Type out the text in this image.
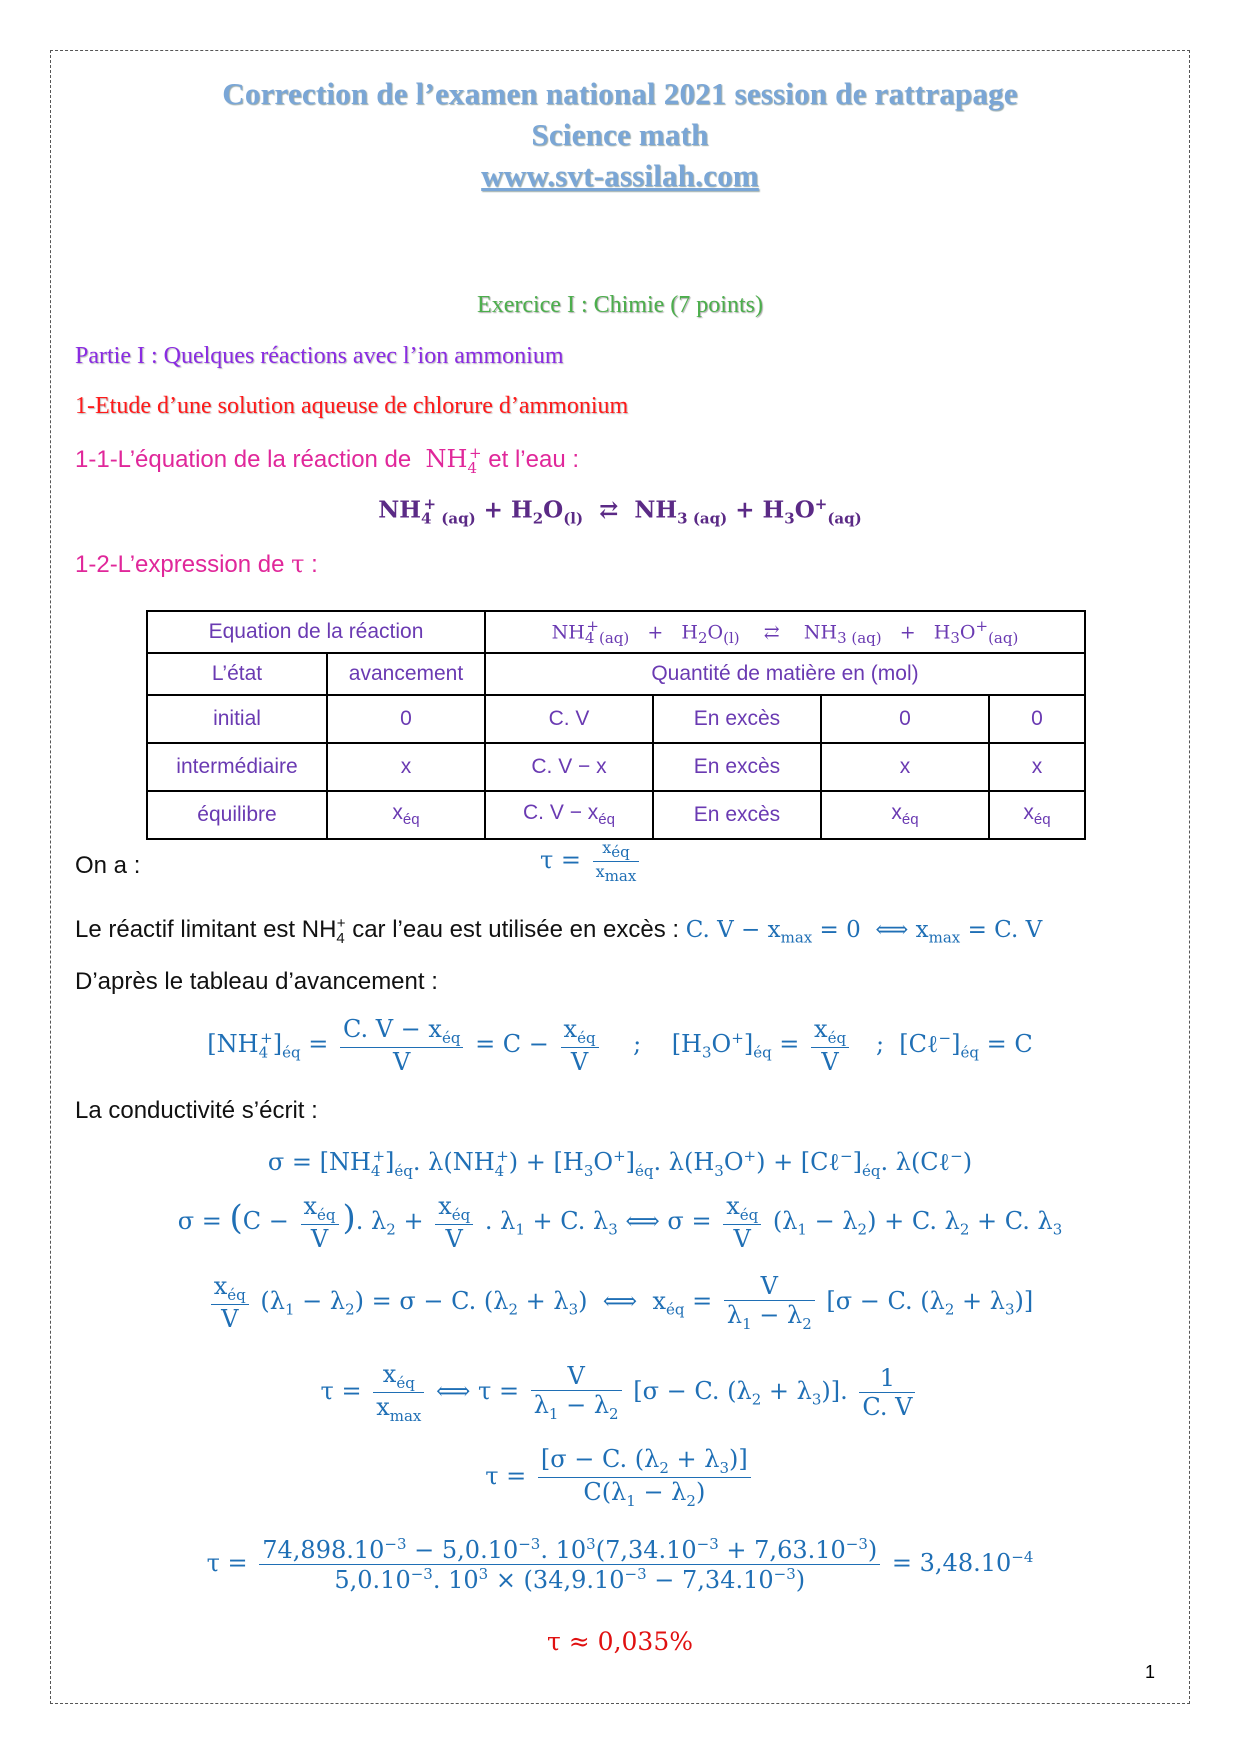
Correction de l’examen national 2021 session de rattrapage
Science math
www.svt-assilah.com
Exercice I : Chimie (7 points)
Partie I : Quelques réactions avec l’ion ammonium
1-Etude d’une solution aqueuse de chlorure d’ammonium
1-1-L’équation de la réaction de  $NH_4^+$ et l’eau :
$NH_4^+$ $_{(aq)} + H_2O_{(l)}$  ⇄  $NH_{3 (aq)} + H_3O^+_{(aq)}$
1-2-L’expression de τ :
Equation de la réaction		$NH_4^+_{(aq)} + H_2O_{(l)}$    ⇄    $NH_{3 (aq)} + H_3O^+_{(aq)}$
L’état	avancement	Quantité de matière en (mol)			
initial	0	C. V	En excès	0	0
intermédiaire	x	C. V − x	En excès	x	x
équilibre	$x_{éq}$	C. $V - x_{éq}$	En excès	$x_{éq}$	$x_{éq}$
On a :	$\tau = \frac{x_{éq}}{x_{max}}$
Le réactif limitant est $NH_4^+$ car l’eau est utilisée en excès : C. $V - x_{max} = 0$  ⟺ $x_{max} = C$. V
D’après le tableau d’avancement :
$[NH_4^+]_{éq} = \frac{C. V - x_{éq}}{V} = C - \frac{x_{éq}}{V}$ ;    $[H_3O^+]_{éq} = \frac{x_{éq}}{V}$ ;  $[C\ell^-]_{éq} = C$
La conductivité s’écrit :
$\sigma = [NH_4^+]_{éq}$. $\lambda(NH_4^+) + [H_3O^+]_{éq}$. $\lambda(H_3O^+)$ + $[C\ell^-]_{éq}$. λ(Cℓ−)
$\sigma = (C - \frac{x_{éq}}{V}$ ). $\lambda_2 + \frac{x_{éq}}{V}$ . $\lambda_1 + C$. $\lambda_3$ ⟺ $\sigma = \frac{x_{éq}}{V} (\lambda_1 - \lambda_2) + C$. $\lambda_2 + C$. $\lambda_3$
$\frac{x_{éq}}{V} (\lambda_1 - \lambda_2) = \sigma - C$. $(\lambda_2 + \lambda_3)$  ⟺  $x_{éq} = \frac{V}{\lambda_1 - \lambda_2} [\sigma - C$. $(\lambda_2 + \lambda_3)$]
$\tau = \frac{x_{éq}}{x_{max}}$ ⟺ $\tau = \frac{V}{\lambda_1 - \lambda_2} [\sigma - C$. $(\lambda_2 + \lambda_3)$]. $\frac{1}{C. V}$
$\tau = \frac{[\sigma - C. (\lambda_2 + \lambda_3)]}{C(\lambda_1 - \lambda_2)}$
$\tau = \frac{74,898.10^{-3} - 5,0.10^{-3}. 10^3(7,34.10^{-3} + 7,63.10^{-3})}{5,0.10^{-3}. 10^3 \times (34,9.10^{-3} - 7,34.10^{-3})} = 3,48.10^{-4}$
τ ≈ 0,035%
1
